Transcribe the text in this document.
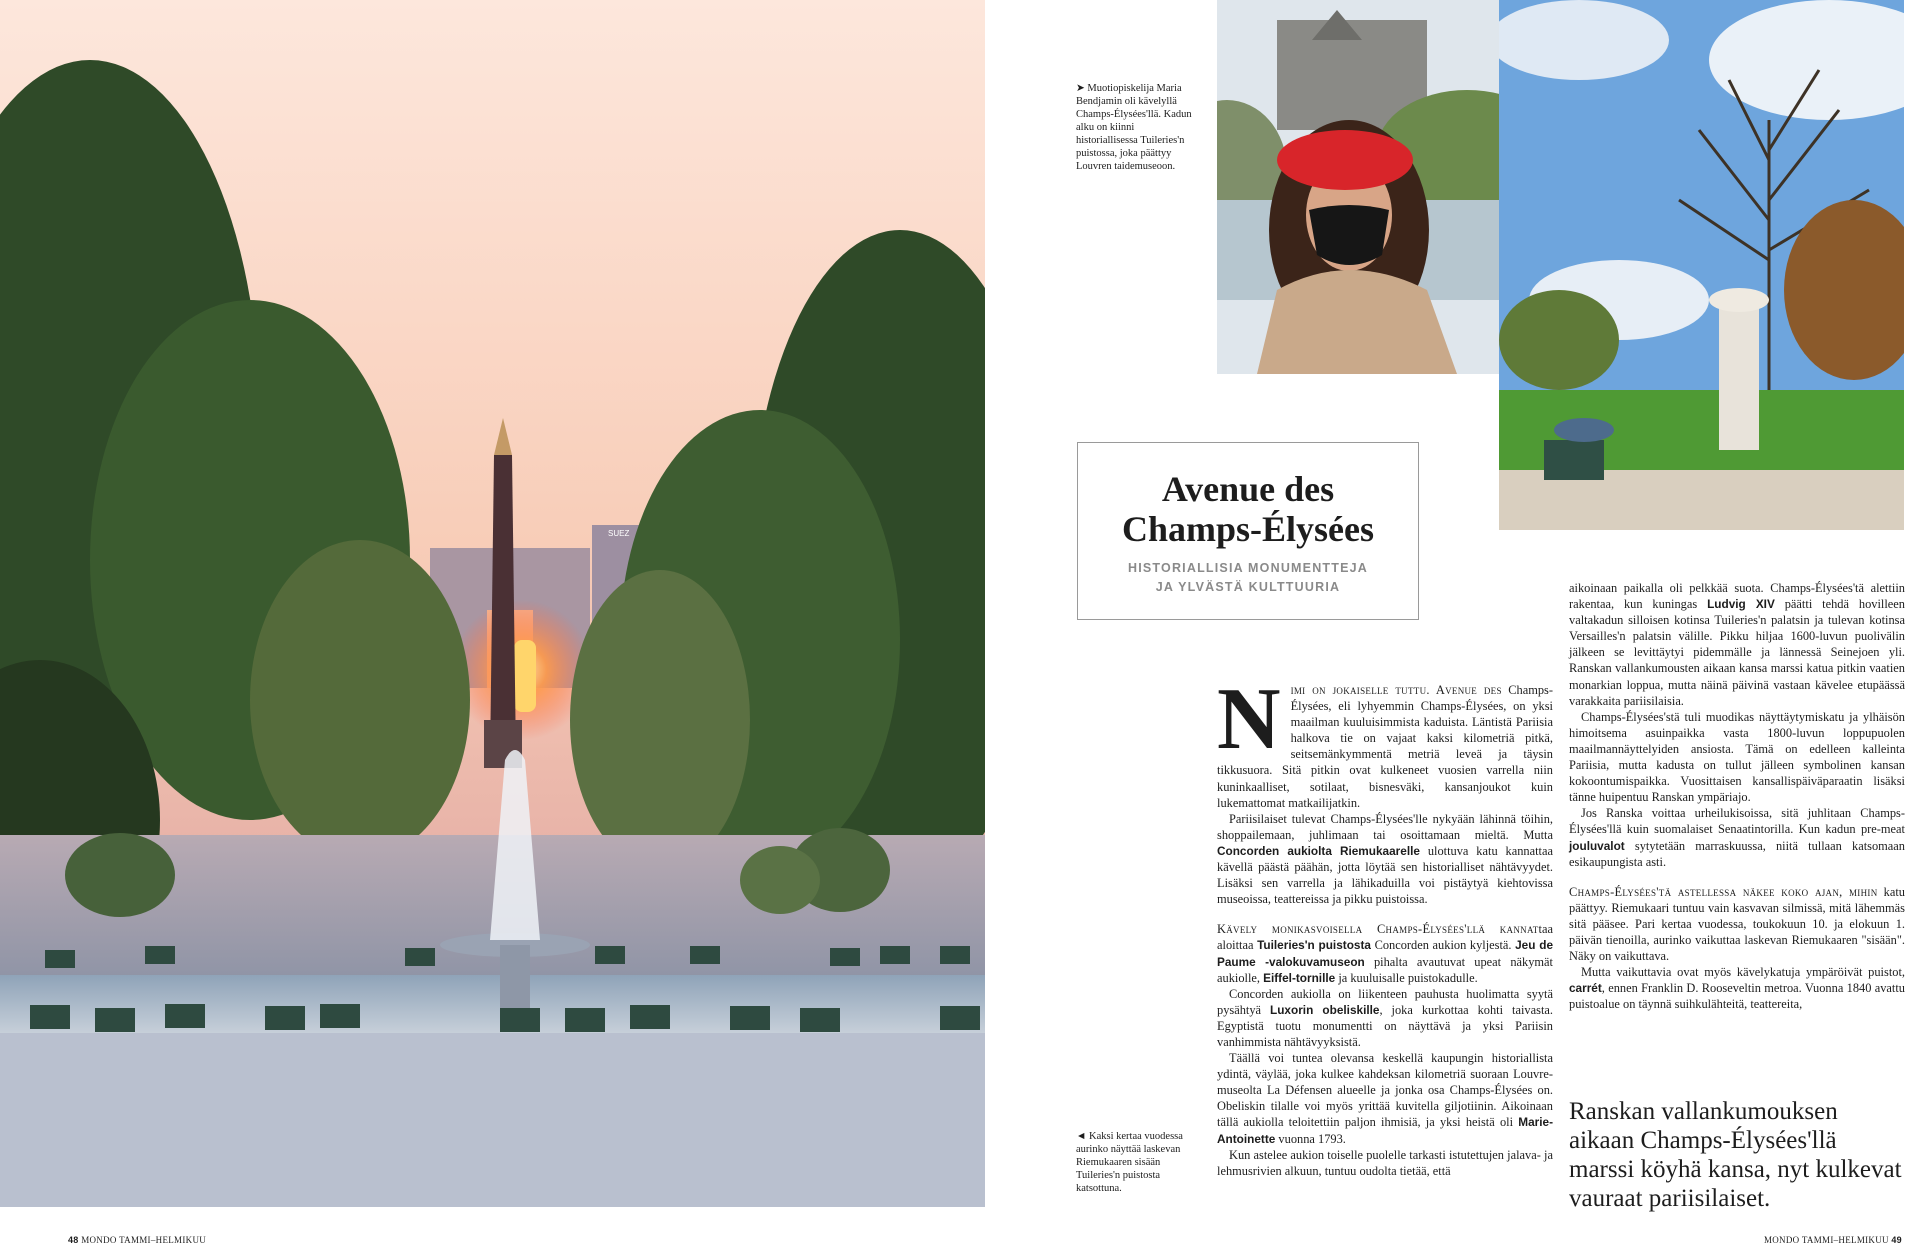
SUEZ
➤ Muotiopiskelija Maria Bendjamin oli kävelyllä Champs-Élysées'llä. Kadun alku on kiinni historiallisessa Tuileries'n puistossa, joka päättyy Louvren taidemuseoon.
◄ Kaksi kertaa vuodessa aurinko näyttää laskevan Riemukaaren sisään Tuileries'n puistosta katsottuna.
Avenue des
Champs-Élysées
HISTORIALLISIA MONUMENTTEJA
JA YLVÄSTÄ KULTTUURIA

Nimi on jokaiselle tuttu. Avenue des Champs-Élysées, eli lyhyemmin Champs-Élysées, on yksi maailman kuuluisimmista kaduista. Läntistä Pariisia halkova tie on vajaat kaksi kilometriä pitkä, seitsemänkymmentä metriä leveä ja täysin tikkusuora. Sitä pitkin ovat kulkeneet vuosien varrella niin kuninkaalliset, sotilaat, bisnesväki, kansanjoukot kuin lukemattomat matkailijatkin.

Pariisilaiset tulevat Champs-Élysées'lle nykyään lähinnä töihin, shoppailemaan, juhlimaan tai osoittamaan mieltä. Mutta Concorden aukiolta Riemukaarelle ulottuva katu kannattaa kävellä päästä päähän, jotta löytää sen historialliset nähtävyydet. Lisäksi sen varrella ja lähikaduilla voi pistäytyä kiehtovissa museoissa, teattereissa ja pikku puistoissa.

Kävely monikasvoisella Champs-Élysées'llä kannattaa aloittaa Tuileries'n puistosta Concorden aukion kyljestä. Jeu de Paume -valokuvamuseon pihalta avautuvat upeat näkymät aukiolle, Eiffel-tornille ja kuuluisalle puistokadulle.

Concorden aukiolla on liikenteen pauhusta huolimatta syytä pysähtyä Luxorin obeliskille, joka kurkottaa kohti taivasta. Egyptistä tuotu monumentti on näyttävä ja yksi Pariisin vanhimmista nähtävyyksistä.

Täällä voi tuntea olevansa keskellä kaupungin historiallista ydintä, väylää, joka kulkee kahdeksan kilometriä suoraan Louvre-museolta La Défensen alueelle ja jonka osa Champs-Élysées on. Obeliskin tilalle voi myös yrittää kuvitella giljotiinin. Aikoinaan tällä aukiolla teloitettiin paljon ihmisiä, ja yksi heistä oli Marie-Antoinette vuonna 1793.

Kun astelee aukion toiselle puolelle tarkasti istutettujen jalava- ja lehmusrivien alkuun, tuntuu oudolta tietää, että

aikoinaan paikalla oli pelkkää suota. Champs-Élysées'tä alettiin rakentaa, kun kuningas Ludvig XIV päätti tehdä hovilleen valtakadun silloisen kotinsa Tuileries'n palatsin ja tulevan kotinsa Versailles'n palatsin välille. Pikku hiljaa 1600-luvun puolivälin jälkeen se levittäytyi pidemmälle ja lännessä Seinejoen yli. Ranskan vallankumousten aikaan kansa marssi katua pitkin vaatien monarkian loppua, mutta näinä päivinä vastaan kävelee etupäässä varakkaita pariisilaisia.

Champs-Élysées'stä tuli muodikas näyttäytymiskatu ja ylhäisön himoitsema asuinpaikka vasta 1800-luvun loppupuolen maailmannäyttelyiden ansiosta. Tämä on edelleen kalleinta Pariisia, mutta kadusta on tullut jälleen symbolinen kansan kokoontumispaikka. Vuosittaisen kansallispäiväparaatin lisäksi tänne huipentuu Ranskan ympäriajo.

Jos Ranska voittaa urheilukisoissa, sitä juhlitaan Champs-Élysées'llä kuin suomalaiset Senaatintorilla. Kun kadun pre-meat jouluvalot sytytetään marraskuussa, niitä tullaan katsomaan esikaupungista asti.

Champs-Élysées'tä astellessa näkee koko ajan, mihin katu päättyy. Riemukaari tuntuu vain kasvavan silmissä, mitä lähemmäs sitä pääsee. Pari kertaa vuodessa, toukokuun 10. ja elokuun 1. päivän tienoilla, aurinko vaikuttaa laskevan Riemukaaren "sisään". Näky on vaikuttava.

Mutta vaikuttavia ovat myös kävelykatuja ympäröivät puistot, carrét, ennen Franklin D. Rooseveltin metroa. Vuonna 1840 avattu puistoalue on täynnä suihkulähteitä, teattereita,

Ranskan vallankumouksen aikaan Champs-Élysées'llä marssi köyhä kansa, nyt kulkevat vauraat pariisilaiset.
48 MONDO TAMMI–HELMIKUU	MONDO TAMMI–HELMIKUU 49
